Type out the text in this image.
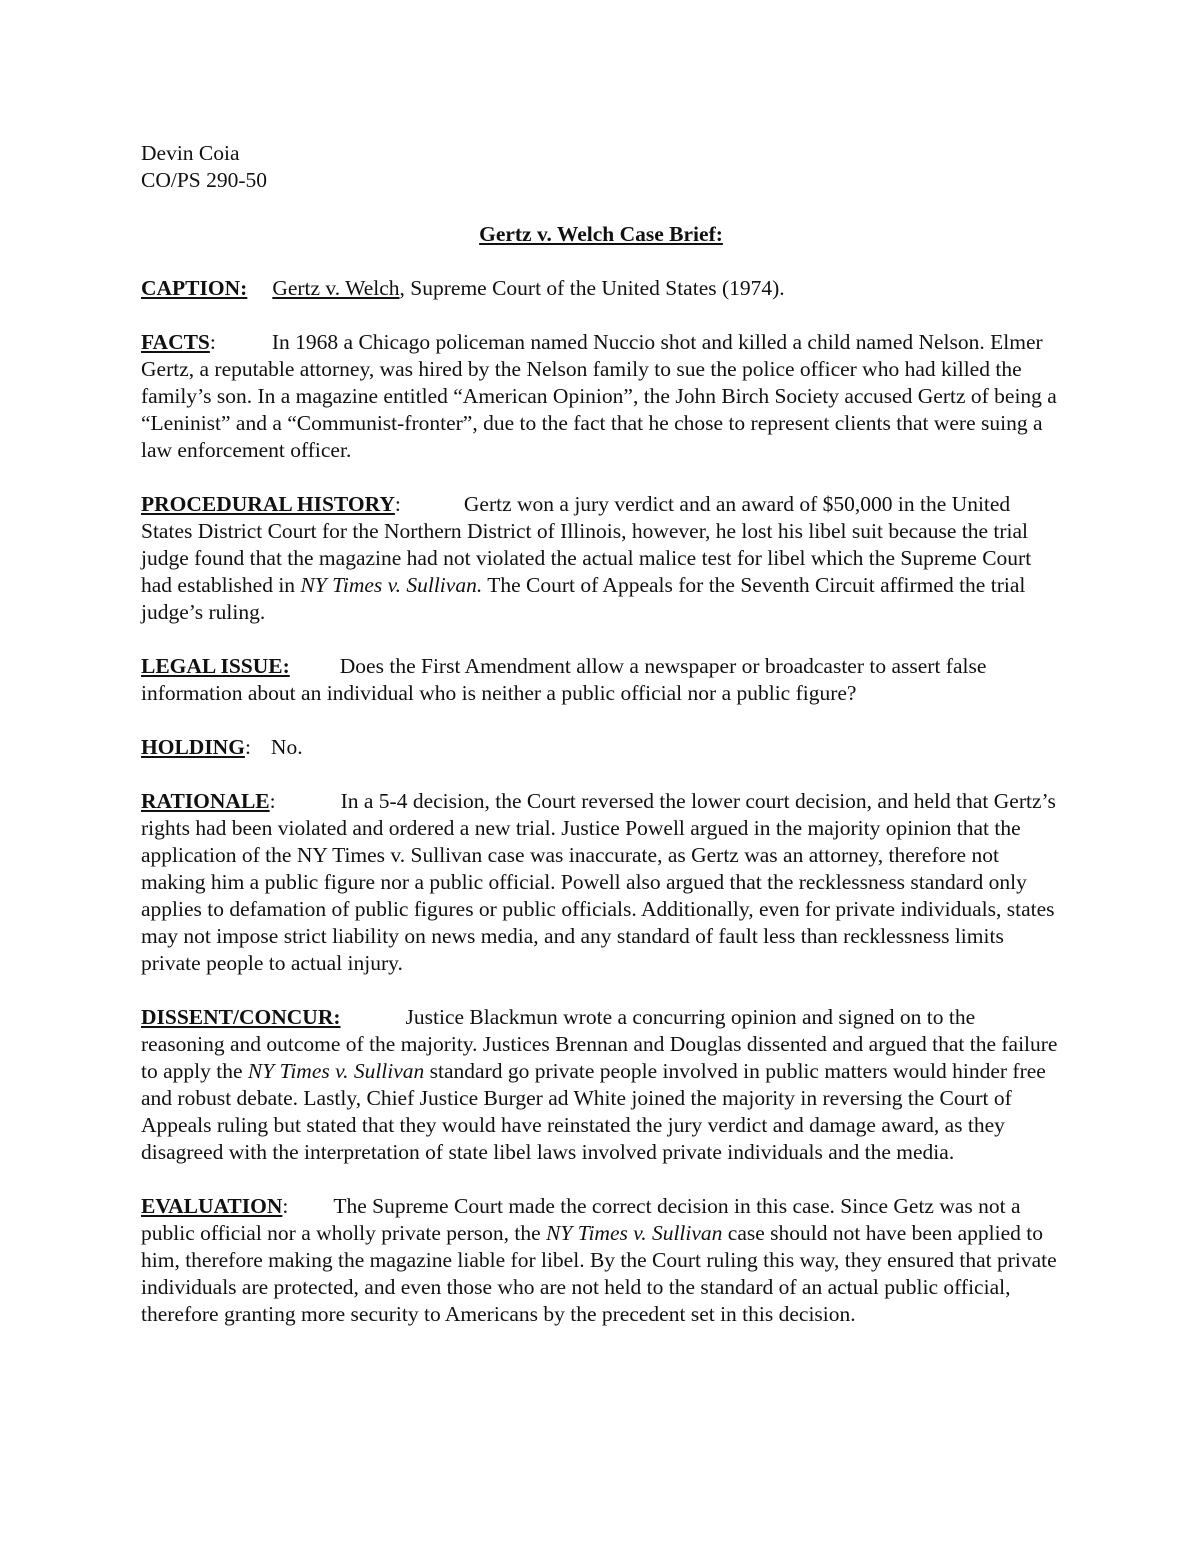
Devin Coia
CO/PS 290-50
Gertz v. Welch Case Brief:

CAPTION: Gertz v. Welch, Supreme Court of the United States (1974).

FACTS:	In 1968 a Chicago policeman named Nuccio shot and killed a child named Nelson. Elmer Gertz, a reputable attorney, was hired by the Nelson family to sue the police officer who had killed the family’s son. In a magazine entitled “American Opinion”, the John Birch Society accused Gertz of being a “Leninist” and a “Communist-fronter”, due to the fact that he chose to represent clients that were suing a law enforcement officer.

PROCEDURAL HISTORY:	Gertz won a jury verdict and an award of $50,000 in the United States District Court for the Northern District of Illinois, however, he lost his libel suit because the trial judge found that the magazine had not violated the actual malice test for libel which the Supreme Court had established in NY Times v. Sullivan. The Court of Appeals for the Seventh Circuit affirmed the trial judge’s ruling.

LEGAL ISSUE: Does the First Amendment allow a newspaper or broadcaster to assert false information about an individual who is neither a public official nor a public figure?

HOLDING: No.

RATIONALE:	In a 5-4 decision, the Court reversed the lower court decision, and held that Gertz’s rights had been violated and ordered a new trial. Justice Powell argued in the majority opinion that the application of the NY Times v. Sullivan case was inaccurate, as Gertz was an attorney, therefore not making him a public figure nor a public official. Powell also argued that the recklessness standard only applies to defamation of public figures or public officials. Additionally, even for private individuals, states may not impose strict liability on news media, and any standard of fault less than recklessness limits private people to actual injury.

DISSENT/CONCUR:	Justice Blackmun wrote a concurring opinion and signed on to the reasoning and outcome of the majority. Justices Brennan and Douglas dissented and argued that the failure to apply the NY Times v. Sullivan standard go private people involved in public matters would hinder free and robust debate. Lastly, Chief Justice Burger ad White joined the majority in reversing the Court of Appeals ruling but stated that they would have reinstated the jury verdict and damage award, as they disagreed with the interpretation of state libel laws involved private individuals and the media.

EVALUATION: The Supreme Court made the correct decision in this case. Since Getz was not a public official nor a wholly private person, the NY Times v. Sullivan case should not have been applied to him, therefore making the magazine liable for libel. By the Court ruling this way, they ensured that private individuals are protected, and even those who are not held to the standard of an actual public official, therefore granting more security to Americans by the precedent set in this decision.
